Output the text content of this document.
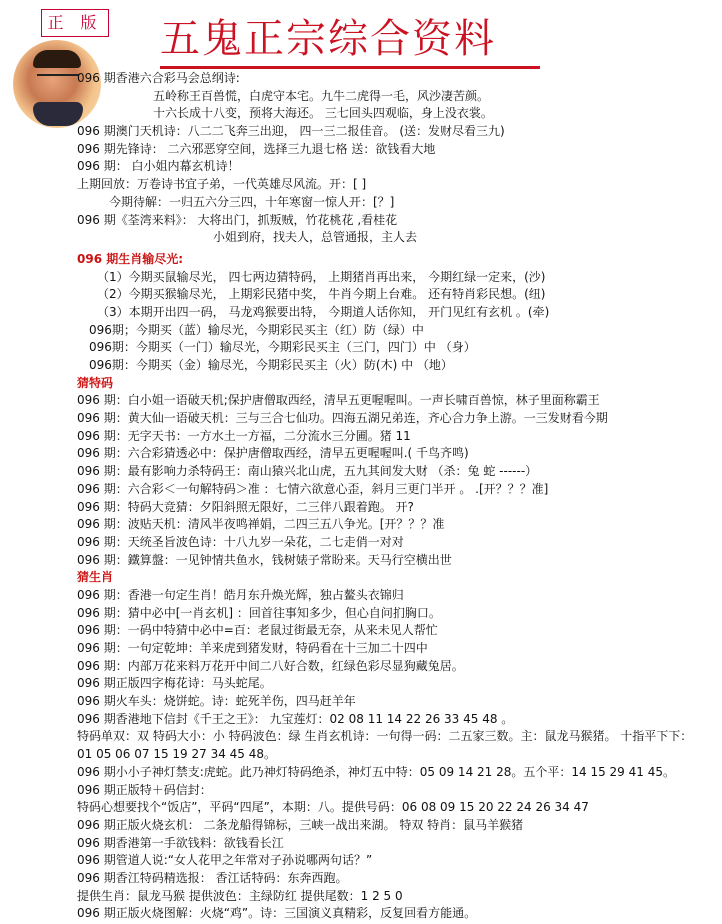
正 版 五鬼正宗综合资料
096 期香港六合彩马会总纲诗:
五岭称王百兽慌，白虎守本宅。九牛二虎得一毛，风沙凄苦颜。
十六长成十八变，预将大海还。 三七回头四观临，身上没衣裳。
096 期澳门天机诗：八二二飞奔三出迎， 四一三二报佳音。 (送：发财尽看三九)
096 期先锋诗： 二六邪恶穿空间，选择三九退七格 送：欲钱看大地
096 期： 白小姐内幕玄机诗！
上期回放：万卷诗书宜子弟，一代英雄尽风流。开：[ ]
今期待解：一归五六分三四，十年寒窗一惊人开：[？]
096 期《荃湾来料》： 大将出门，抓叛贼，竹花桃花 ,看桂花
小姐到府，找夫人，总管通报，主人去
096 期生肖输尽光:
（1）今期买鼠输尽光， 四七两边猜特码， 上期猪肖再出来， 今期红绿一定来，(沙)
（2）今期买猴输尽光， 上期彩民猪中奖， 牛肖今期上台难。 还有特肖彩民想。(纽)
（3）本期开出四一码， 马龙鸡猴要出特， 今期道人话你知， 开门见红有玄机 。(牵)
096期；今期买（蓝）输尽光，今期彩民买主（红）防（绿）中
096期：今期买（一门）输尽光，今期彩民买主（三门，四门）中 （身）
096期：今期买（金）输尽光，今期彩民买主（火）防(木) 中 （地）
猜特码
096 期：白小姐一语破天机;保护唐僧取西经，清早五更喔喔叫。一声长啸百兽惊，林子里面称霸王
096 期：黄大仙一语破天机：三与三合七仙功。四海五湖兄弟连，齐心合力争上游。一三发财看今期
096 期：无字天书：一方水土一方福，二分流水三分圃。猪 11
096 期：六合彩猜透必中：保护唐僧取西经，清早五更喔喔叫.( 千鸟齐鸣)
096 期：最有影响力杀特码王：南山猿兴北山虎，五九其间发大财 （杀：兔 蛇 ------）
096 期：六合彩＜一句解特码＞准 ：七情六欲意心歪，斜月三更门半开 。 .[开？？？准]
096 期：特码大竞猜：夕阳斜照无限好，二三伴八跟着跑。 开?
096 期：波贴天机：清风半夜鸣禅娟，二四三五八争光。[开？？？准
096 期：天统圣旨波色诗：十八九岁一朵花，二七走俏一对对
096 期：鐵算盤：一见钟情共鱼水，钱树婊子常盼来。天马行空横出世
猜生肖
096 期：香港一句定生肖！皓月东升焕光辉，独占鳌头衣锦归
096 期：猜中必中[一肖玄机] ：回首往事知多少，但心自问扪胸口。
096 期：一码中特猜中必中=百：老鼠过街最无奈，从来未见人帮忙
096 期：一句定乾坤：羊来虎到猪发财，特码看在十三加二十四中
096 期：内部万花来料万花开中间二八好合数，红绿色彩尽显狗藏兔居。
096 期正版四字梅花诗：马头蛇尾。
096 期火车头：烧饼蛇。诗：蛇死羊伤，四马赶羊年
096 期香港地下信封《千王之王》： 九宝莲灯：02 08 11 14 22 26 33 45 48 。
特码单双：双 特码大小：小 特码波色：绿 生肖玄机诗：一句得一码：二五家三数。主：鼠龙马猴猪。 十指平下下：01 05 06 07 15 19 27 34 45 48。
096 期小小子神灯禁支:虎蛇。此乃神灯特码绝杀，神灯五中特：05 09 14 21 28。五个平：14 15 29 41 45。
096 期正版特＋码信封：
特码心想要找个“饭店”，平码“四尾”，本期：八。提供号码：06 08 09 15 20 22 24 26 34 47
096 期正版火烧玄机： 二条龙船得锦标，三峡一战出来湖。 特双 特肖：鼠马羊猴猪
096 期香港第一手欲钱料：欲钱看长江
096 期管道人说:“女人花甲之年常对子孙说哪两句话？”
096 期香江特码精选报： 香江话特码：东奔西跑。
提供生肖：鼠龙马猴 提供波色：主绿防红 提供尾数：1 2 5 0
096 期正版火烧图解：火烧“鸡”。诗：三国演义真精彩，反复回看方能通。
